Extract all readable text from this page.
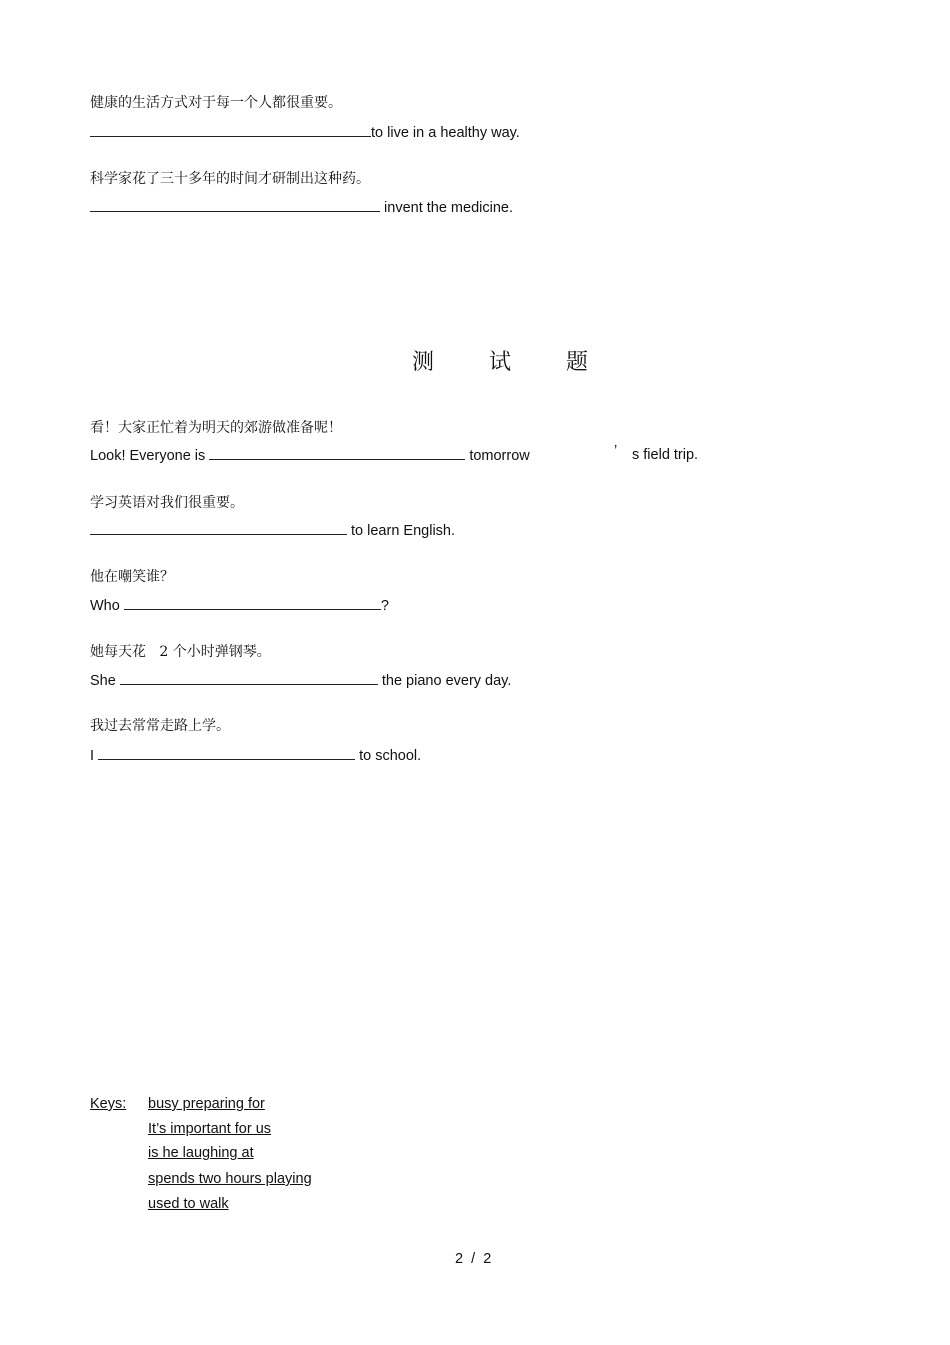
健康的生活方式对于每一个人都很重要。
to live in a healthy way.
科学家花了三十多年的时间才研制出这种药。
invent the medicine.
测 试 题
看！大家正忙着为明天的郊游做准备呢！
Look! Everyone is	tomorrow	’ s field trip.
学习英语对我们很重要。
to learn English.
他在嘲笑谁？
Who	?
她每天花   2 个小时弹钢琴。
She	the piano every day.
我过去常常走路上学。
I	to school.
Keys: busy preparing for
It’s important for us
is he laughing at
spends two hours playing
used to walk
2  /  2
